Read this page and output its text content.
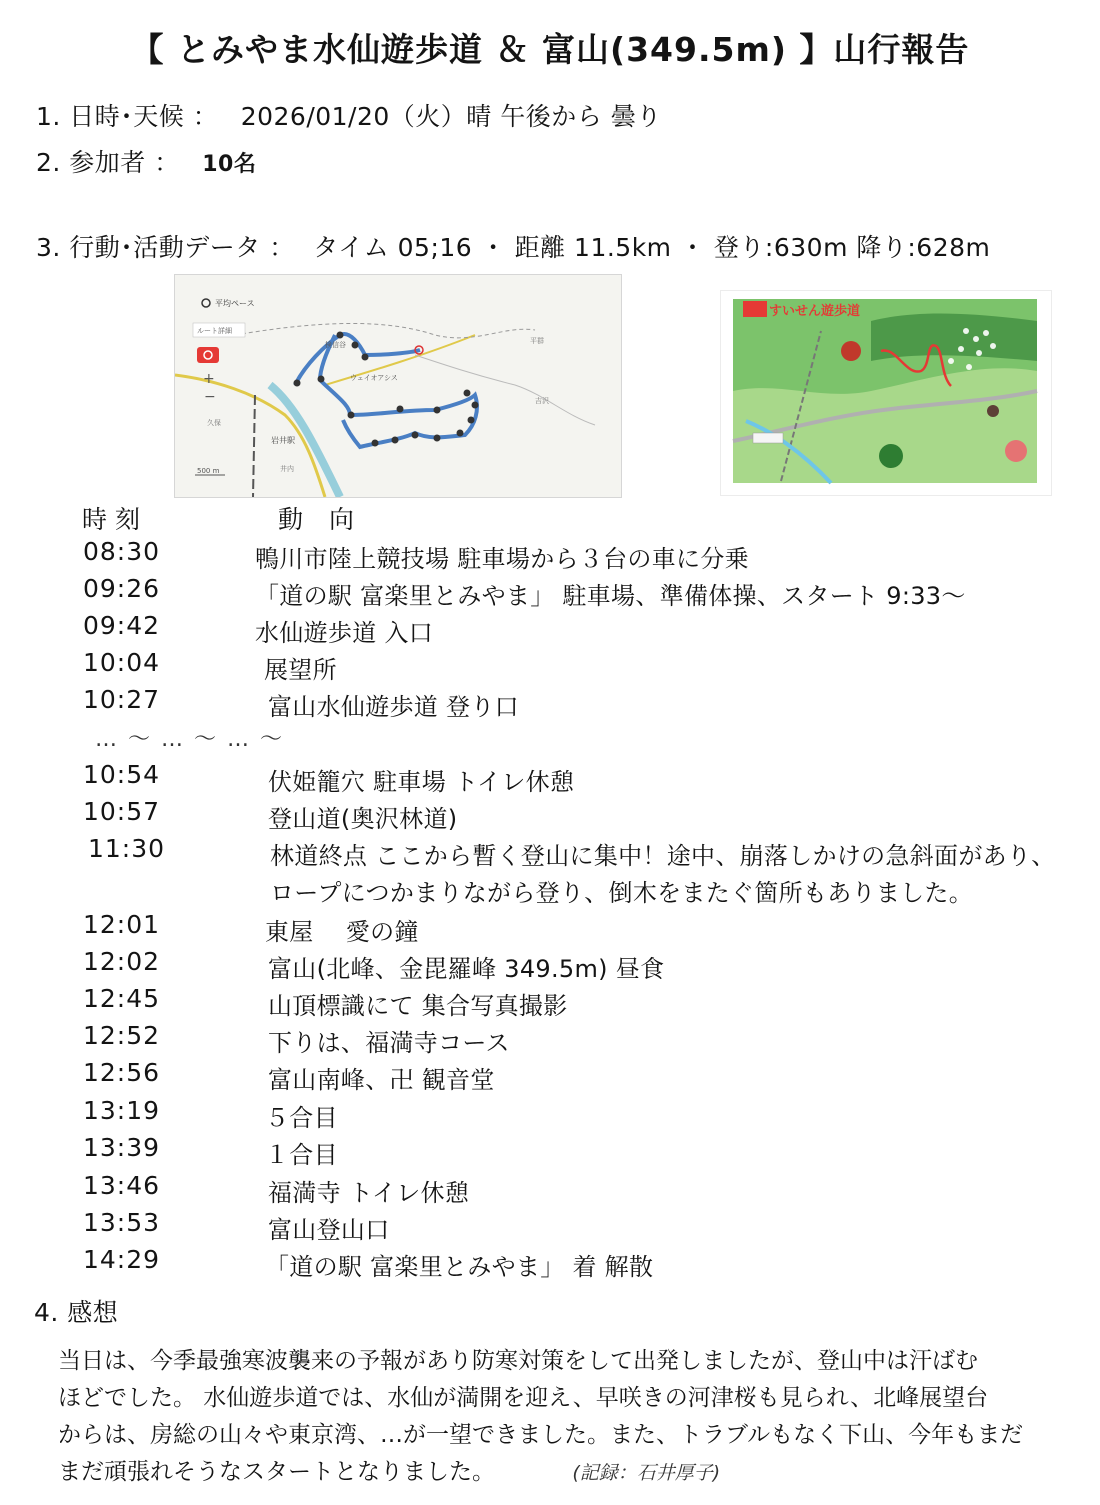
【 とみやま水仙遊歩道 ＆ 富山(349.5m) 】山行報告
1. 日時･天候 ： 2026/01/20（火）晴 午後から 曇り
2. 参加者 ： 10名
3. 行動･活動データ ： タイム 05;16 ・ 距離 11.5km ・ 登り:630m 降り:628m
平均ペース
ルート詳細
+
−
検信谷
ウェイオアシス
平群
久保
吉沢
井内
岩井駅
500 m
すいせん遊歩道
時 刻	動 向
08:30	鴨川市陸上競技場 駐車場から３台の車に分乗
09:26	「道の駅 富楽里とみやま」 駐車場、準備体操、スタート 9:33～
09:42	水仙遊歩道 入口
10:04	展望所
10:27	富山水仙遊歩道 登り口
… ～ … ～ … ～
10:54	伏姫籠穴 駐車場 トイレ休憩
10:57	登山道(奥沢林道)
11:30	林道終点 ここから暫く登山に集中！途中、崩落しかけの急斜面があり、
ロープにつかまりながら登り、倒木をまたぐ箇所もありました。
12:01	東屋 　愛の鐘
12:02	富山(北峰、金毘羅峰 349.5m) 昼食
12:45	山頂標識にて 集合写真撮影
12:52	下りは、福満寺コース
12:56	富山南峰、卍 観音堂
13:19	５合目
13:39	１合目
13:46	福満寺 トイレ休憩
13:53	富山登山口
14:29	「道の駅 富楽里とみやま」 着 解散
4. 感想
当日は、今季最強寒波襲来の予報があり防寒対策をして出発しましたが、登山中は汗ばむ
ほどでした。 水仙遊歩道では、水仙が満開を迎え、早咲きの河津桜も見られ、北峰展望台
からは、房総の山々や東京湾、…が一望できました。また、トラブルもなく下山、今年もまだ
まだ頑張れそうなスタートとなりました。	(記録：石井厚子)
